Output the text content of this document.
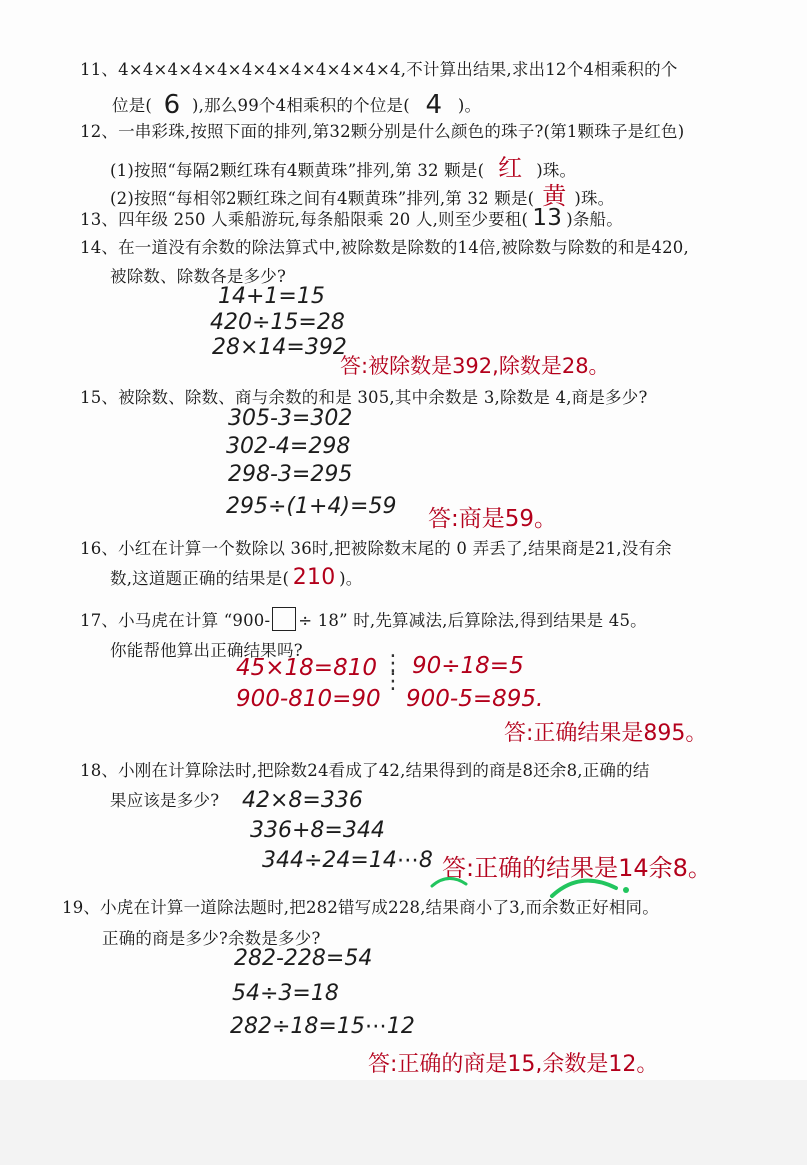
11、4×4×4×4×4×4×4×4×4×4×4×4,不计算出结果,求出12个4相乘积的个
位是( 6 ),那么99个4相乘积的个位是( 4 )。
12、一串彩珠,按照下面的排列,第32颗分别是什么颜色的珠子?(第1颗珠子是红色)
(1)按照“每隔2颗红珠有4颗黄珠”排列,第 32 颗是( 红 )珠。
(2)按照“每相邻2颗红珠之间有4颗黄珠”排列,第 32 颗是( 黄 )珠。
13、四年级 250 人乘船游玩,每条船限乘 20 人,则至少要租( 13 )条船。
14、在一道没有余数的除法算式中,被除数是除数的14倍,被除数与除数的和是420,
被除数、除数各是多少?
14+1=15
420÷15=28
28×14=392
答:被除数是392,除数是28。
15、被除数、除数、商与余数的和是 305,其中余数是 3,除数是 4,商是多少?
305-3=302
302-4=298
298-3=295
295÷(1+4)=59 答:商是59。
16、小红在计算一个数除以 36时,把被除数末尾的 0 弄丢了,结果商是21,没有余
数,这道题正确的结果是( 210 )。
17、小马虎在计算 “900- ÷ 18” 时,先算减法,后算除法,得到结果是 45。
你能帮他算出正确结果吗?
45×18=810
900-810=90
⋮
⋮
90÷18=5
900-5=895.
答:正确结果是895。
18、小刚在计算除法时,把除数24看成了42,结果得到的商是8还余8,正确的结
果应该是多少? 42×8=336
336+8=344
344÷24=14⋯8 答:正确的结果是14余8。
19、小虎在计算一道除法题时,把282错写成228,结果商小了3,而余数正好相同。
正确的商是多少?余数是多少?
282-228=54
54÷3=18
282÷18=15⋯12
答:正确的商是15,余数是12。
